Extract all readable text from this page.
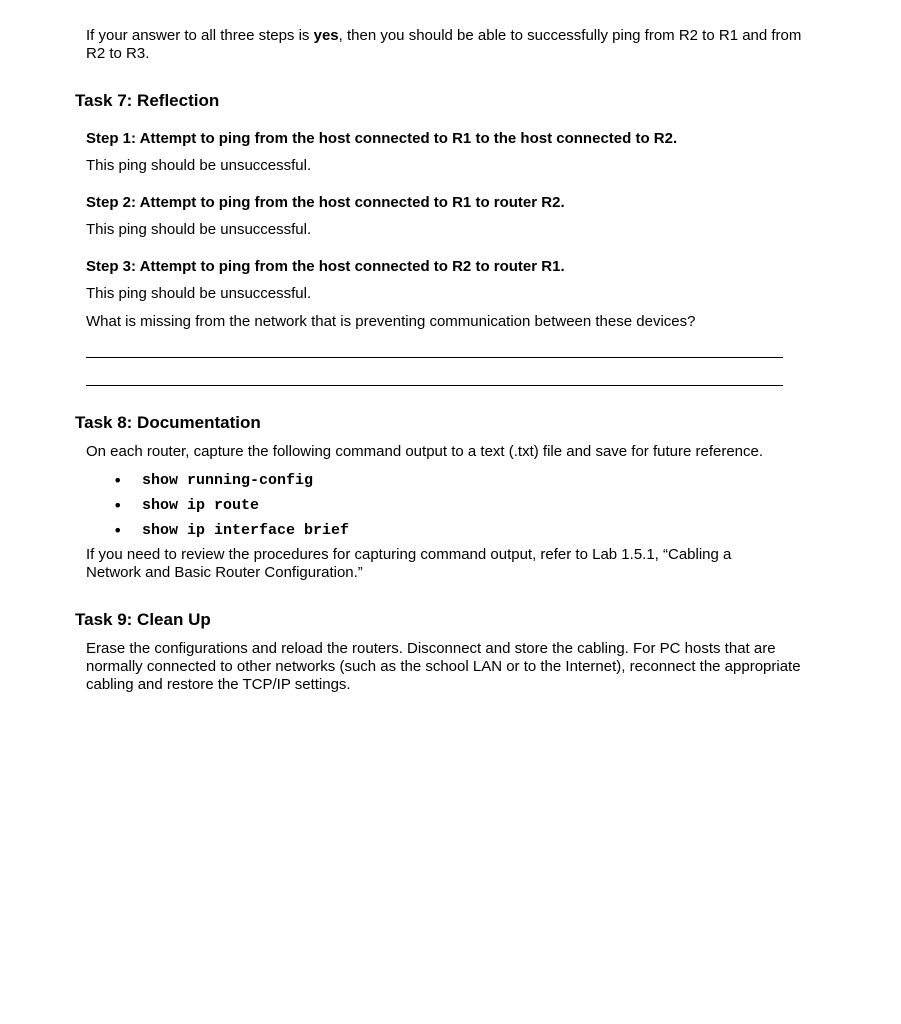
If your answer to all three steps is yes, then you should be able to successfully ping from R2 to R1 and from R2 to R3.

Task 7: Reflection
Step 1: Attempt to ping from the host connected to R1 to the host connected to R2.

This ping should be unsuccessful.

Step 2: Attempt to ping from the host connected to R1 to router R2.

This ping should be unsuccessful.

Step 3: Attempt to ping from the host connected to R2 to router R1.

This ping should be unsuccessful.

What is missing from the network that is preventing communication between these devices?

Task 8: Documentation

On each router, capture the following command output to a text (.txt) file and save for future reference.

•	show running-config
•	show ip route
•	show ip interface brief

If you need to review the procedures for capturing command output, refer to Lab 1.5.1, “Cabling a Network and Basic Router Configuration.”

Task 9: Clean Up

Erase the configurations and reload the routers. Disconnect and store the cabling. For PC hosts that are normally connected to other networks (such as the school LAN or to the Internet), reconnect the appropriate cabling and restore the TCP/IP settings.
